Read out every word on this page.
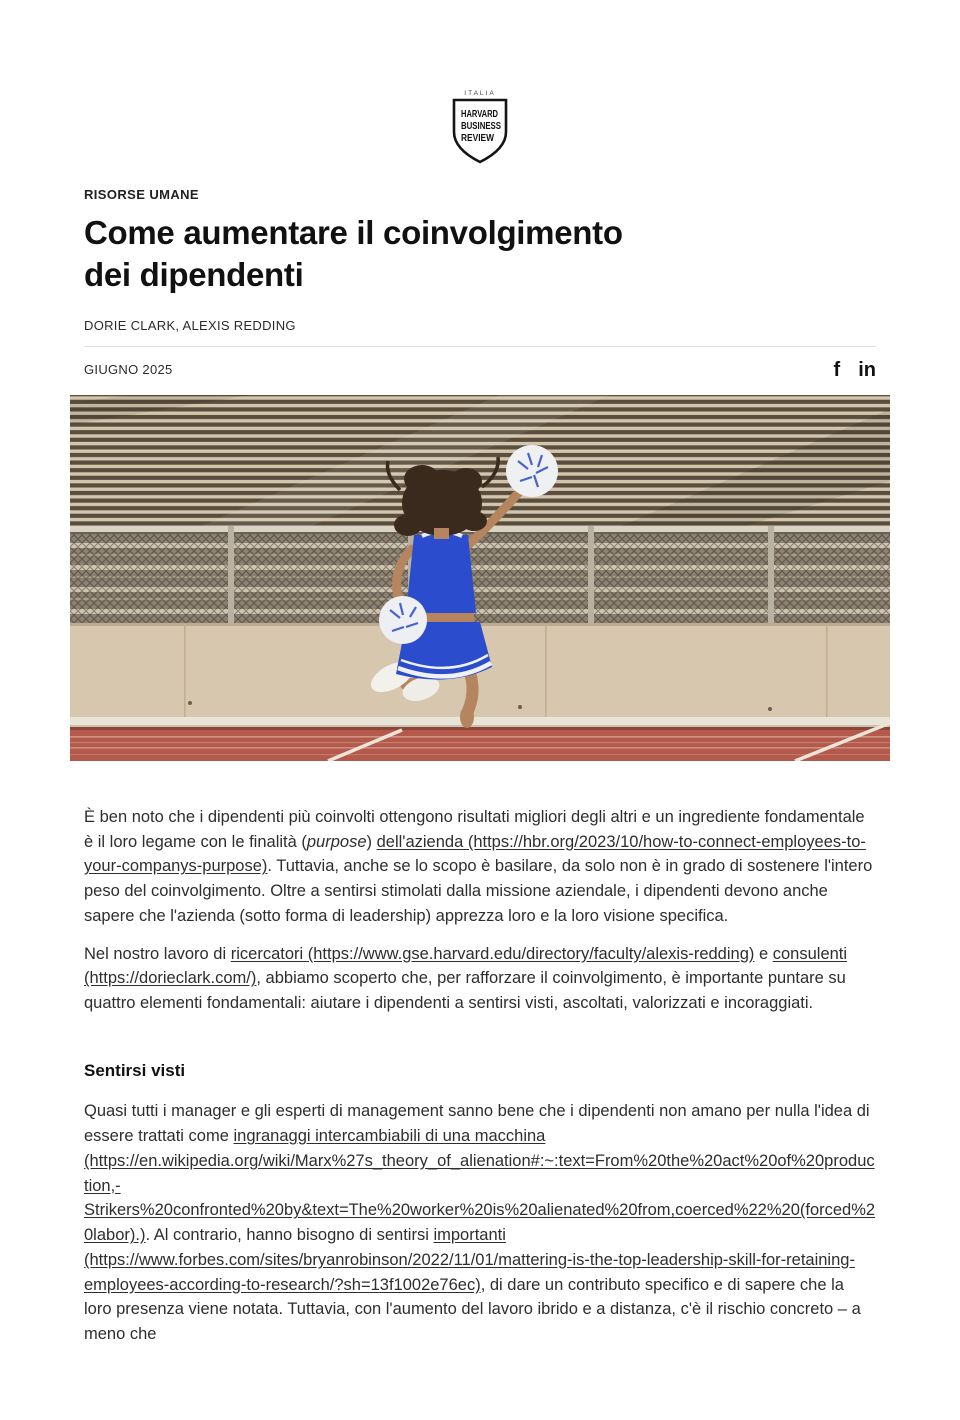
ITALIA
HARVARD
BUSINESS
REVIEW
RISORSE UMANE
Come aumentare il coinvolgimento
dei dipendenti
DORIE CLARK, ALEXIS REDDING
GIUGNO 2025	f in

È ben noto che i dipendenti più coinvolti ottengono risultati migliori degli altri e un ingrediente fondamentale è il loro legame con le finalità (purpose) dell'azienda (https://hbr.org/2023/10/how-to-connect-employees-to-your-companys-purpose). Tuttavia, anche se lo scopo è basilare, da solo non è in grado di sostenere l'intero peso del coinvolgimento. Oltre a sentirsi stimolati dalla missione aziendale, i dipendenti devono anche sapere che l'azienda (sotto forma di leadership) apprezza loro e la loro visione specifica.

Nel nostro lavoro di ricercatori (https://www.gse.harvard.edu/directory/faculty/alexis-redding) e consulenti (https://dorieclark.com/), abbiamo scoperto che, per rafforzare il coinvolgimento, è importante puntare su quattro elementi fondamentali: aiutare i dipendenti a sentirsi visti, ascoltati, valorizzati e incoraggiati.

Sentirsi visti

Quasi tutti i manager e gli esperti di management sanno bene che i dipendenti non amano per nulla l'idea di essere trattati come ingranaggi intercambiabili di una macchina (https://en.wikipedia.org/wiki/Marx%27s_theory_of_alienation#:~:text=From%20the%20act%20of%20production,-Strikers%20confronted%20by&text=The%20worker%20is%20alienated%20from,coerced%22%20(forced%20labor).). Al contrario, hanno bisogno di sentirsi importanti (https://www.forbes.com/sites/bryanrobinson/2022/11/01/mattering-is-the-top-leadership-skill-for-retaining-employees-according-to-research/?sh=13f1002e76ec), di dare un contributo specifico e di sapere che la loro presenza viene notata. Tuttavia, con l'aumento del lavoro ibrido e a distanza, c'è il rischio concreto – a meno che
